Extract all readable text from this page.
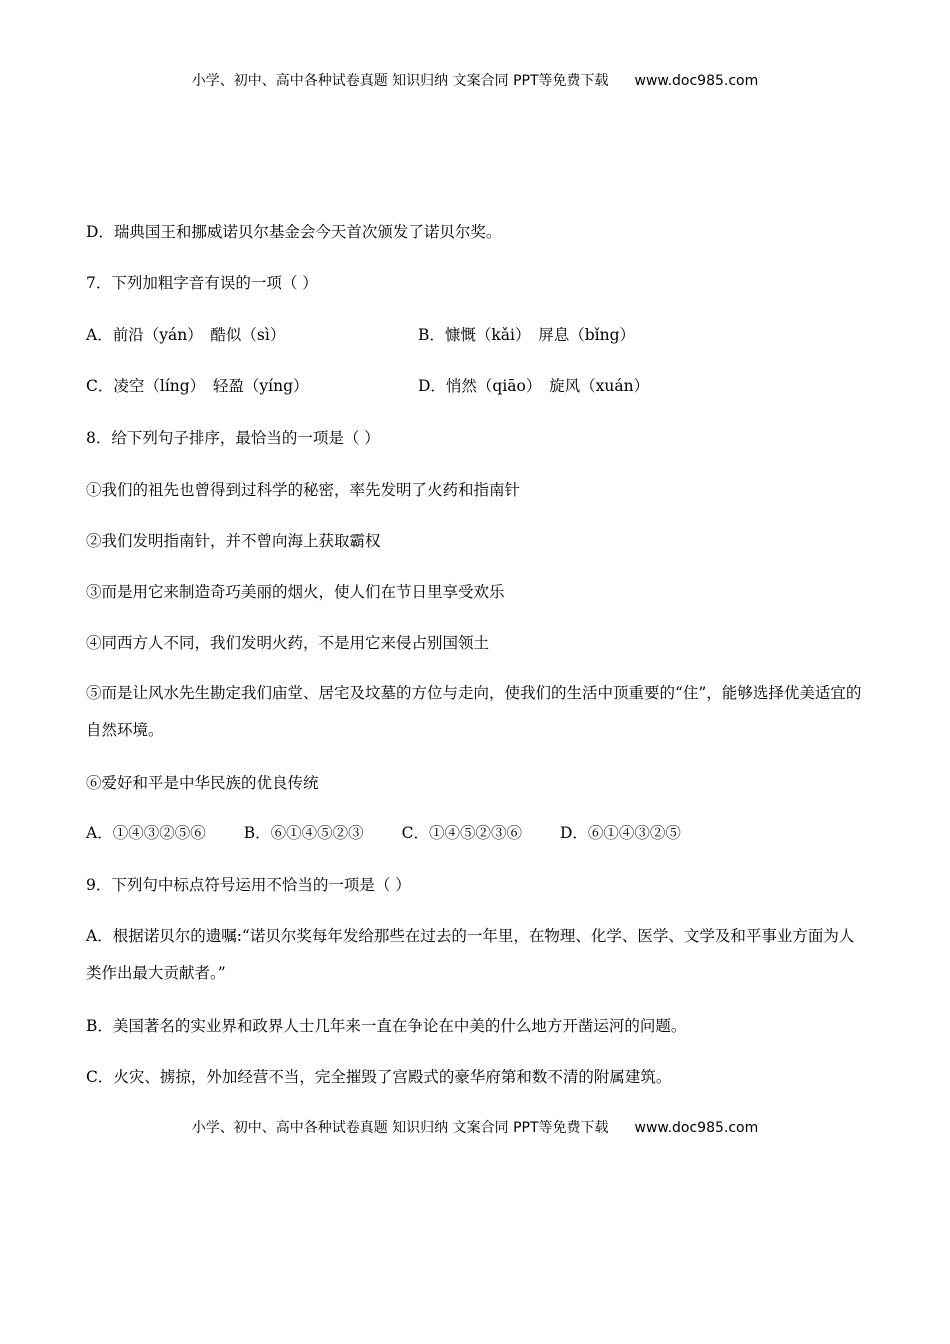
小学、初中、高中各种试卷真题 知识归纳 文案合同 PPT等免费下载 www.doc985.com
D．瑞典国王和挪威诺贝尔基金会今天首次颁发了诺贝尔奖。
7．下列加粗字音有误的一项（ ）
A．前沿（yán）　酷似（sì）	B．慷慨（kǎi）　屏息（bǐng）
C．凌空（líng）　轻盈（yíng）	D．悄然（qiāo）　旋风（xuán）
8．给下列句子排序，最恰当的一项是（ ）
①我们的祖先也曾得到过科学的秘密，率先发明了火药和指南针
②我们发明指南针，并不曾向海上获取霸权
③而是用它来制造奇巧美丽的烟火，使人们在节日里享受欢乐
④同西方人不同，我们发明火药，不是用它来侵占别国领土
⑤而是让风水先生勘定我们庙堂、居宅及坟墓的方位与走向，使我们的生活中顶重要的“住”，能够选择优美适宜的自然环境。
⑥爱好和平是中华民族的优良传统
A．①④③②⑤⑥ B．⑥①④⑤②③ C．①④⑤②③⑥ D．⑥①④③②⑤
9．下列句中标点符号运用不恰当的一项是（ ）
A．根据诺贝尔的遗嘱:“诺贝尔奖每年发给那些在过去的一年里，在物理、化学、医学、文学及和平事业方面为人类作出最大贡献者。”
B．美国著名的实业界和政界人士几年来一直在争论在中美的什么地方开凿运河的问题。
C．火灾、掳掠，外加经营不当，完全摧毁了宫殿式的豪华府第和数不清的附属建筑。
小学、初中、高中各种试卷真题 知识归纳 文案合同 PPT等免费下载 www.doc985.com
